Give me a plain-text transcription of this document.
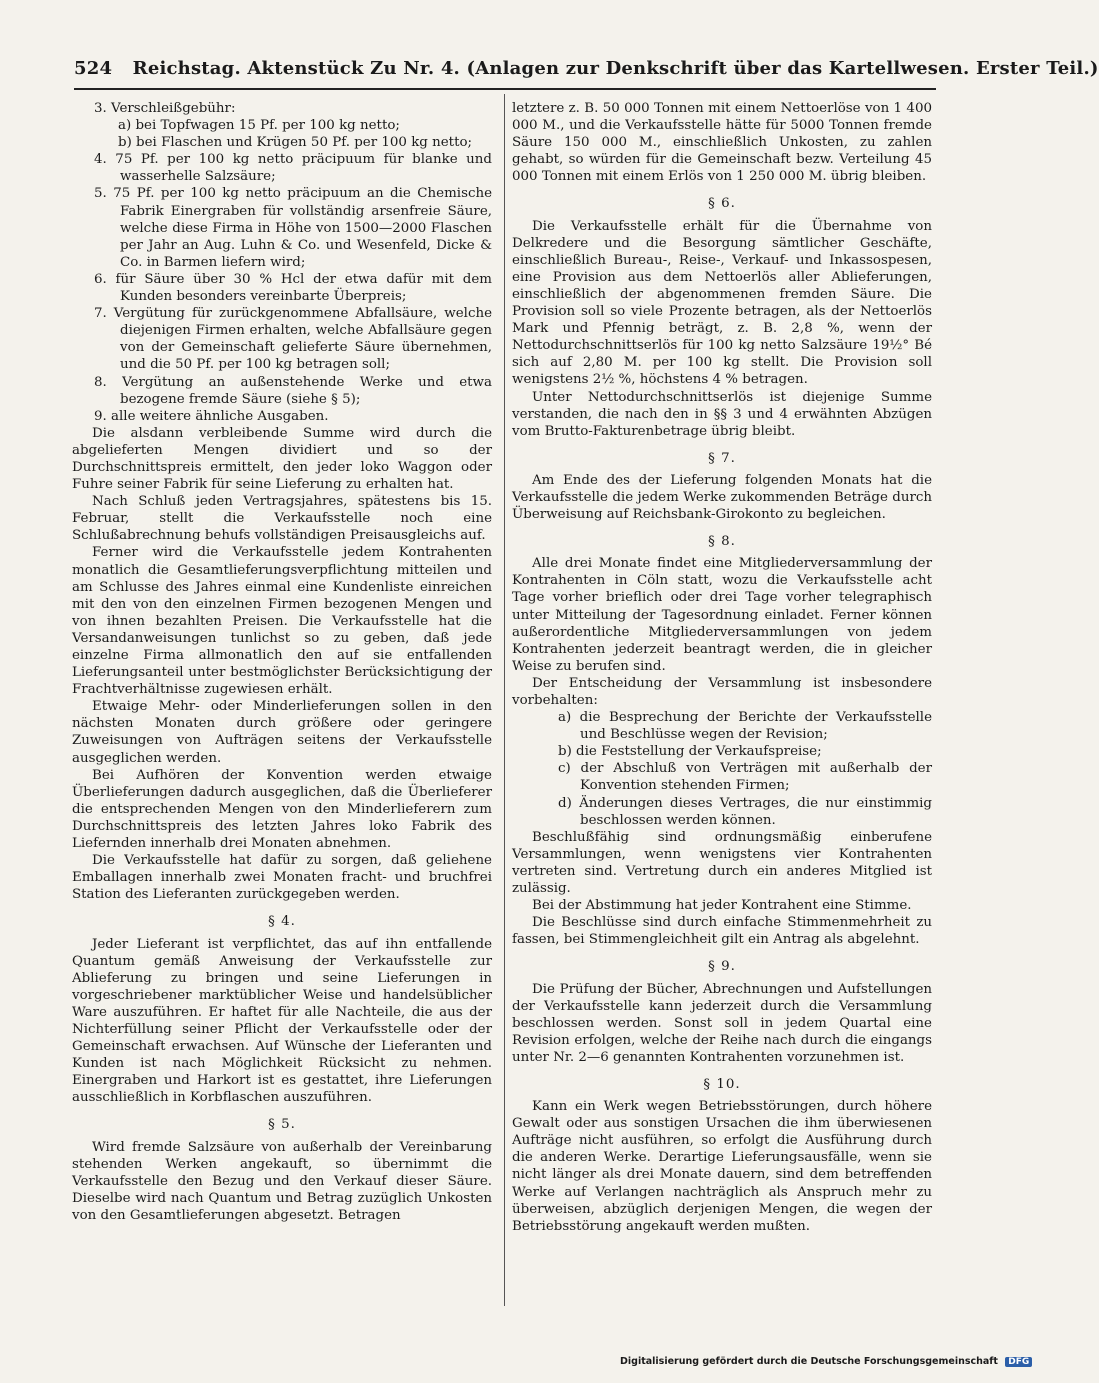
524 Reichstag. Aktenstück Zu Nr. 4. (Anlagen zur Denkschrift über das Kartellwesen. Erster Teil.)

3. Verschleißgebühr:

a) bei Topfwagen 15 Pf. per 100 kg netto;

b) bei Flaschen und Krügen 50 Pf. per 100 kg netto;

4. 75 Pf. per 100 kg netto präcipuum für blanke und wasserhelle Salzsäure;

5. 75 Pf. per 100 kg netto präcipuum an die Chemische Fabrik Einergraben für vollständig arsenfreie Säure, welche diese Firma in Höhe von 1500—2000 Flaschen per Jahr an Aug. Luhn & Co. und Wesenfeld, Dicke & Co. in Barmen liefern wird;

6. für Säure über 30 % Hcl der etwa dafür mit dem Kunden besonders vereinbarte Überpreis;

7. Vergütung für zurückgenommene Abfallsäure, welche diejenigen Firmen erhalten, welche Abfallsäure gegen von der Gemeinschaft gelieferte Säure übernehmen, und die 50 Pf. per 100 kg betragen soll;

8. Vergütung an außenstehende Werke und etwa bezogene fremde Säure (siehe § 5);

9. alle weitere ähnliche Ausgaben.

Die alsdann verbleibende Summe wird durch die abgelieferten Mengen dividiert und so der Durchschnittspreis ermittelt, den jeder loko Waggon oder Fuhre seiner Fabrik für seine Lieferung zu erhalten hat.

Nach Schluß jeden Vertragsjahres, spätestens bis 15. Februar, stellt die Verkaufsstelle noch eine Schlußabrechnung behufs vollständigen Preisausgleichs auf.

Ferner wird die Verkaufsstelle jedem Kontrahenten monatlich die Gesamtlieferungsverpflichtung mitteilen und am Schlusse des Jahres einmal eine Kundenliste einreichen mit den von den einzelnen Firmen bezogenen Mengen und von ihnen bezahlten Preisen. Die Verkaufsstelle hat die Versandanweisungen tunlichst so zu geben, daß jede einzelne Firma allmonatlich den auf sie entfallenden Lieferungsanteil unter bestmöglichster Berücksichtigung der Frachtverhältnisse zugewiesen erhält.

Etwaige Mehr- oder Minderlieferungen sollen in den nächsten Monaten durch größere oder geringere Zuweisungen von Aufträgen seitens der Verkaufsstelle ausgeglichen werden.

Bei Aufhören der Konvention werden etwaige Überlieferungen dadurch ausgeglichen, daß die Überlieferer die entsprechenden Mengen von den Minderlieferern zum Durchschnittspreis des letzten Jahres loko Fabrik des Liefernden innerhalb drei Monaten abnehmen.

Die Verkaufsstelle hat dafür zu sorgen, daß geliehene Emballagen innerhalb zwei Monaten fracht- und bruchfrei Station des Lieferanten zurückgegeben werden.

§ 4.

Jeder Lieferant ist verpflichtet, das auf ihn entfallende Quantum gemäß Anweisung der Verkaufsstelle zur Ablieferung zu bringen und seine Lieferungen in vorgeschriebener marktüblicher Weise und handelsüblicher Ware auszuführen. Er haftet für alle Nachteile, die aus der Nichterfüllung seiner Pflicht der Verkaufsstelle oder der Gemeinschaft erwachsen. Auf Wünsche der Lieferanten und Kunden ist nach Möglichkeit Rücksicht zu nehmen. Einergraben und Harkort ist es gestattet, ihre Lieferungen ausschließlich in Korbflaschen auszuführen.

§ 5.

Wird fremde Salzsäure von außerhalb der Vereinbarung stehenden Werken angekauft, so übernimmt die Verkaufsstelle den Bezug und den Verkauf dieser Säure. Dieselbe wird nach Quantum und Betrag zuzüglich Unkosten von den Gesamtlieferungen abgesetzt. Betragen

letztere z. B. 50 000 Tonnen mit einem Nettoerlöse von 1 400 000 M., und die Verkaufsstelle hätte für 5000 Tonnen fremde Säure 150 000 M., einschließlich Unkosten, zu zahlen gehabt, so würden für die Gemeinschaft bezw. Verteilung 45 000 Tonnen mit einem Erlös von 1 250 000 M. übrig bleiben.

§ 6.

Die Verkaufsstelle erhält für die Übernahme von Delkredere und die Besorgung sämtlicher Geschäfte, einschließlich Bureau-, Reise-, Verkauf- und Inkassospesen, eine Provision aus dem Nettoerlös aller Ablieferungen, einschließlich der abgenommenen fremden Säure. Die Provision soll so viele Prozente betragen, als der Nettoerlös Mark und Pfennig beträgt, z. B. 2,8 %, wenn der Nettodurchschnittserlös für 100 kg netto Salzsäure 19½° Bé sich auf 2,80 M. per 100 kg stellt. Die Provision soll wenigstens 2½ %, höchstens 4 % betragen.

Unter Nettodurchschnittserlös ist diejenige Summe verstanden, die nach den in §§ 3 und 4 erwähnten Abzügen vom Brutto-Fakturenbetrage übrig bleibt.

§ 7.

Am Ende des der Lieferung folgenden Monats hat die Verkaufsstelle die jedem Werke zukommenden Beträge durch Überweisung auf Reichsbank-Girokonto zu begleichen.

§ 8.

Alle drei Monate findet eine Mitgliederversammlung der Kontrahenten in Cöln statt, wozu die Verkaufsstelle acht Tage vorher brieflich oder drei Tage vorher telegraphisch unter Mitteilung der Tagesordnung einladet. Ferner können außerordentliche Mitgliederversammlungen von jedem Kontrahenten jederzeit beantragt werden, die in gleicher Weise zu berufen sind.

Der Entscheidung der Versammlung ist insbesondere vorbehalten:

a) die Besprechung der Berichte der Verkaufsstelle und Beschlüsse wegen der Revision;

b) die Feststellung der Verkaufspreise;

c) der Abschluß von Verträgen mit außerhalb der Konvention stehenden Firmen;

d) Änderungen dieses Vertrages, die nur einstimmig beschlossen werden können.

Beschlußfähig sind ordnungsmäßig einberufene Versammlungen, wenn wenigstens vier Kontrahenten vertreten sind. Vertretung durch ein anderes Mitglied ist zulässig.

Bei der Abstimmung hat jeder Kontrahent eine Stimme.

Die Beschlüsse sind durch einfache Stimmenmehrheit zu fassen, bei Stimmengleichheit gilt ein Antrag als abgelehnt.

§ 9.

Die Prüfung der Bücher, Abrechnungen und Aufstellungen der Verkaufsstelle kann jederzeit durch die Versammlung beschlossen werden. Sonst soll in jedem Quartal eine Revision erfolgen, welche der Reihe nach durch die eingangs unter Nr. 2—6 genannten Kontrahenten vorzunehmen ist.

§ 10.

Kann ein Werk wegen Betriebsstörungen, durch höhere Gewalt oder aus sonstigen Ursachen die ihm überwiesenen Aufträge nicht ausführen, so erfolgt die Ausführung durch die anderen Werke. Derartige Lieferungsausfälle, wenn sie nicht länger als drei Monate dauern, sind dem betreffenden Werke auf Verlangen nachträglich als Anspruch mehr zu überweisen, abzüglich derjenigen Mengen, die wegen der Betriebsstörung angekauft werden mußten.

Digitalisierung gefördert durch die Deutsche Forschungsgemeinschaft DFG
